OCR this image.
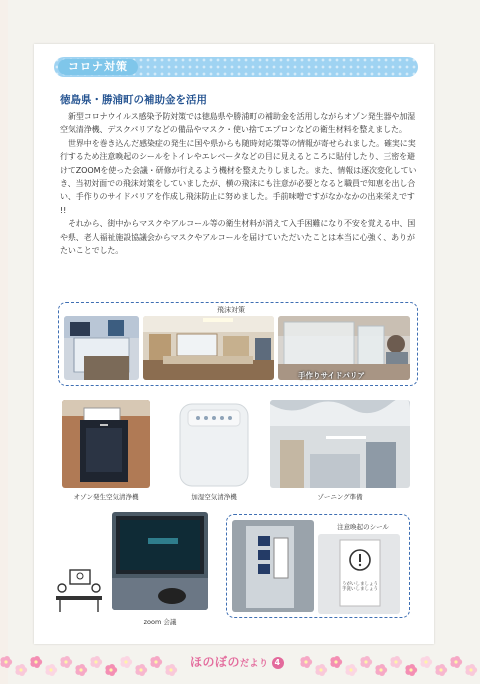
コロナ対策
徳島県・勝浦町の補助金を活用

新型コロナウイルス感染予防対策では徳島県や勝浦町の補助金を活用しながらオゾン発生器や加湿空気清浄機、デスクパリアなどの備品やマスク・使い捨てエプロンなどの衛生材料を整えました。

世界中を巻き込んだ感染症の発生に国や県からも随時対応策等の情報が寄せられました。確実に実行するため注意喚起のシールをトイレやエレベータなどの目に見えるところに貼付したり、三密を避けてZOOMを使った会議・研修が行えるよう機材を整えたりしました。また、情報は逐次変化していき、当初対面での飛沫対策をしていましたが、横の飛沫にも注意が必要となると職員で知恵を出し合い、手作りのサイドパリアを作成し飛沫防止に努めました。手前味噌ですがなかなかの出来栄えです !!

それから、街中からマスクやアルコール等の衛生材料が消えて入手困難になり不安を覚える中、国や県、老人福祉施設協議会からマスクやアルコールを届けていただいたことは本当に心強く、ありがたいことでした。

飛沫対策
手作りサイドパリア
オゾン発生空気清浄機	加湿空気清浄機	ゾーニング準備
zoom 会議
注意喚起のシール
うがいしましょう 手洗いしましょう
ほのぼのだより 4
